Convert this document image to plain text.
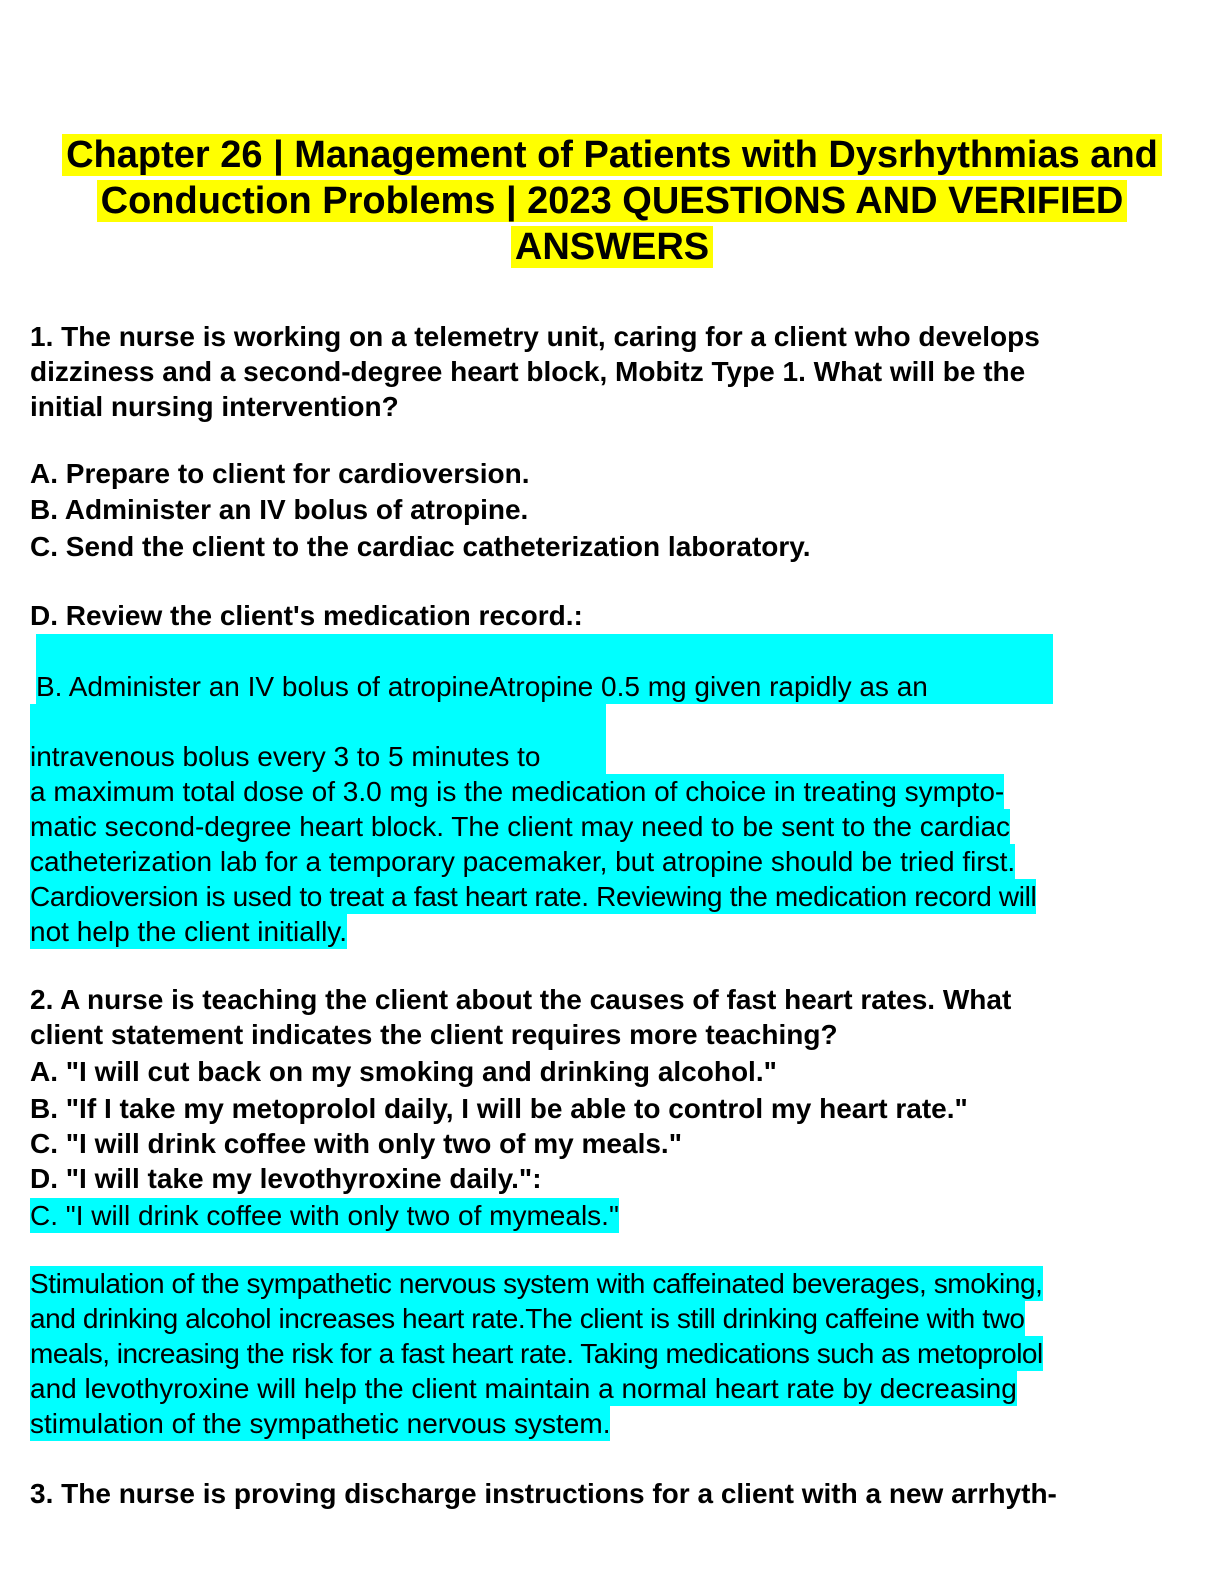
Chapter 26 | Management of Patients with Dysrhythmias and Conduction Problems | 2023 QUESTIONS AND VERIFIED ANSWERS
1. The nurse is working on a telemetry unit, caring for a client who develops
dizziness and a second-degree heart block, Mobitz Type 1. What will be the
initial nursing intervention?
A. Prepare to client for cardioversion.
B. Administer an IV bolus of atropine.
C. Send the client to the cardiac catheterization laboratory.
D. Review the client's medication record.:
B. Administer an IV bolus of atropineAtropine 0.5 mg given rapidly as an
intravenous bolus every 3 to 5 minutes to
a maximum total dose of 3.0 mg is the medication of choice in treating sympto-
matic second-degree heart block. The client may need to be sent to the cardiac
catheterization lab for a temporary pacemaker, but atropine should be tried first.
Cardioversion is used to treat a fast heart rate. Reviewing the medication record will
not help the client initially.
2. A nurse is teaching the client about the causes of fast heart rates. What
client statement indicates the client requires more teaching?
A. "I will cut back on my smoking and drinking alcohol."
B. "If I take my metoprolol daily, I will be able to control my heart rate."
C. "I will drink coffee with only two of my meals."
D. "I will take my levothyroxine daily.":
C. "I will drink coffee with only two of mymeals."
Stimulation of the sympathetic nervous system with caffeinated beverages, smoking,
and drinking alcohol increases heart rate.The client is still drinking caffeine with two
meals, increasing the risk for a fast heart rate. Taking medications such as metoprolol
and levothyroxine will help the client maintain a normal heart rate by decreasing
stimulation of the sympathetic nervous system.
3. The nurse is proving discharge instructions for a client with a new arrhyth-
